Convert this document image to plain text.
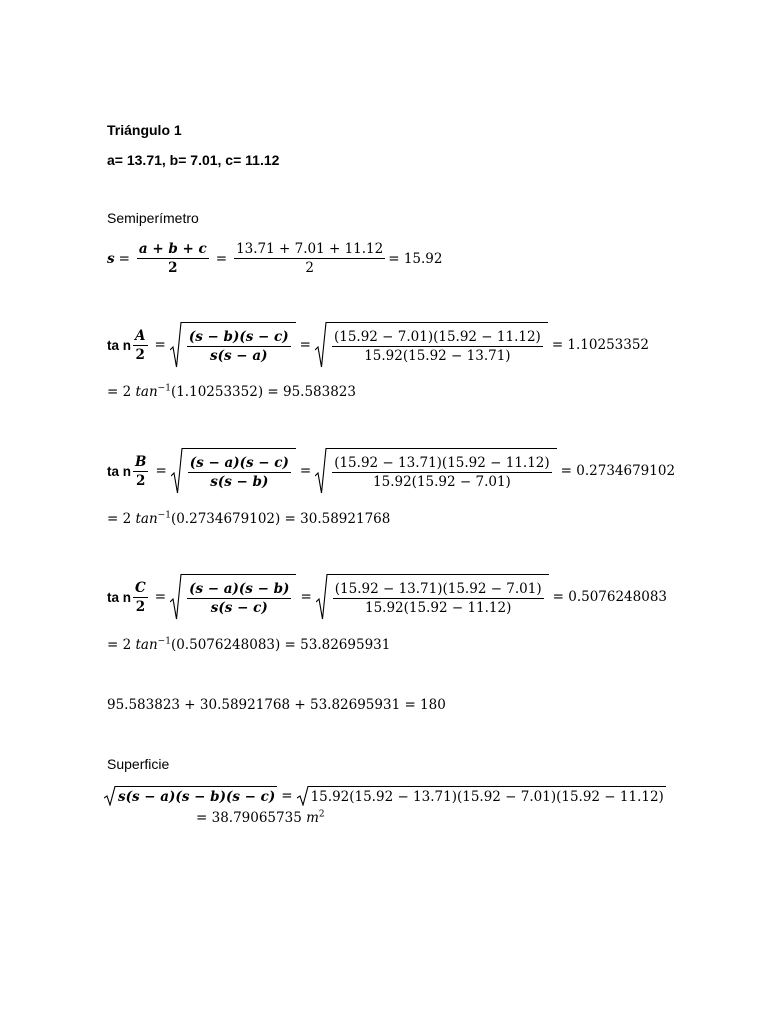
Triángulo 1
a= 13.71, b= 7.01, c= 11.12
Semiperímetro
$s = \frac{a + b + c}{2} = \frac{13.71 + 7.01 + 11.12}{2} = 15.92$
ta n $\frac{A}{2} = \frac{(s - b)(s - c)}{s(s - a)} = \frac{(15.92 - 7.01)(15.92 - 11.12)}{15.92(15.92 - 13.71)} = 1.10253352$
= 2 $\tan^{-1}(1.10253352) = 95.583823$
ta n $\frac{B}{2} = \frac{(s - a)(s - c)}{s(s - b)} = \frac{(15.92 - 13.71)(15.92 - 11.12)}{15.92(15.92 - 7.01)} = 0.2734679102$
= 2 $\tan^{-1}(0.2734679102) = 30.58921768$
ta n $\frac{C}{2} = \frac{(s - a)(s - b)}{s(s - c)} = \frac{(15.92 - 13.71)(15.92 - 7.01)}{15.92(15.92 - 11.12)} = 0.5076248083$
= 2 $\tan^{-1}(0.5076248083) = 53.82695931$
95.583823 + 30.58921768 + 53.82695931 = 180
Superficie
s(s − a)(s − b)(s − c) = 15.92(15.92 − 13.71)(15.92 − 7.01)(15.92 − 11.12)
= 38.79065735 $m^2$
